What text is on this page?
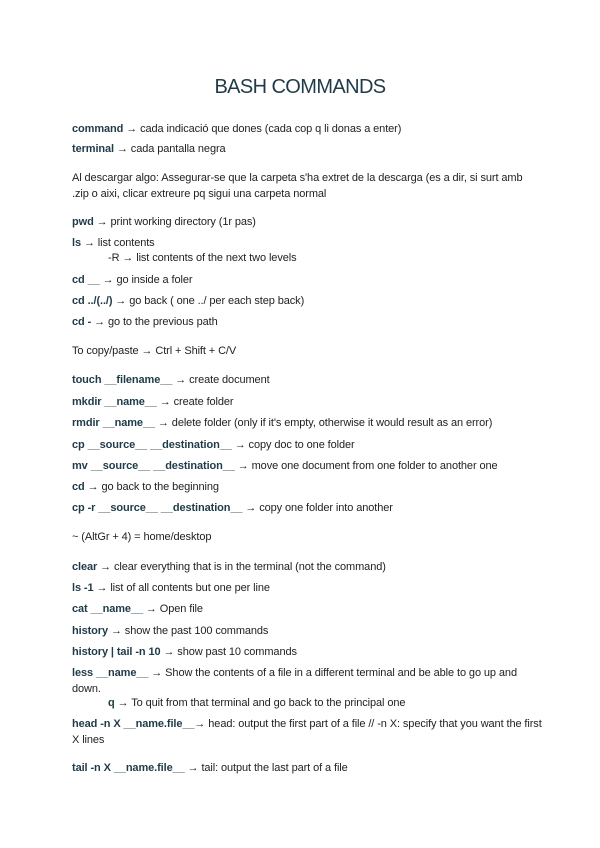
BASH COMMANDS
command → cada indicació que dones (cada cop q li donas a enter)
terminal → cada pantalla negra
Al descargar algo: Assegurar-se que la carpeta s'ha extret de la descarga (es a dir, si surt amb .zip o aixi, clicar extreure pq sigui una carpeta normal
pwd → print working directory (1r pas)
ls → list contents
-R → list contents of the next two levels
cd __ → go inside a foler
cd ../(../) → go back ( one ../ per each step back)
cd - → go to the previous path
To copy/paste → Ctrl + Shift + C/V
touch __filename__ → create document
mkdir __name__ → create folder
rmdir __name__ → delete folder (only if it's empty, otherwise it would result as an error)
cp __source__ __destination__ → copy doc to one folder
mv __source__ __destination__ → move one document from one folder to another one
cd → go back to the beginning
cp -r __source__ __destination__ → copy one folder into another
~ (AltGr + 4) = home/desktop
clear → clear everything that is in the terminal (not the command)
ls -1 → list of all contents but one per line
cat __name__ → Open file
history → show the past 100 commands
history | tail -n 10 → show past 10 commands
less __name__ → Show the contents of a file in a different terminal and be able to go up and down.
q → To quit from that terminal and go back to the principal one
head -n X __name.file__→ head: output the first part of a file // -n X: specify that you want the first X lines
tail -n X __name.file__ → tail: output the last part of a file
